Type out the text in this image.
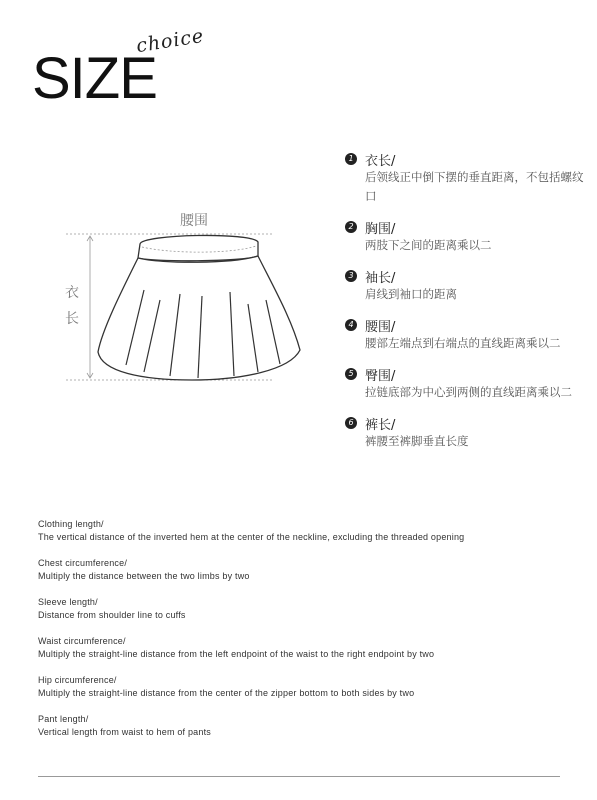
choice
SIZE
腰围
衣
长
1 衣长/
后领线正中倒下摆的垂直距离，不包括螺纹口
2 胸围/
两肢下之间的距离乘以二
3 袖长/
肩线到袖口的距离
4 腰围/
腰部左端点到右端点的直线距离乘以二
5 臀围/
拉链底部为中心到两侧的直线距离乘以二
6 裤长/
裤腰至裤脚垂直长度
Clothing length/
The vertical distance of the inverted hem at the center of the neckline, excluding the threaded opening
Chest circumference/
Multiply the distance between the two limbs by two
Sleeve length/
Distance from shoulder line to cuffs
Waist circumference/
Multiply the straight-line distance from the left endpoint of the waist to the right endpoint by two
Hip circumference/
Multiply the straight-line distance from the center of the zipper bottom to both sides by two
Pant length/
Vertical length from waist to hem of pants
